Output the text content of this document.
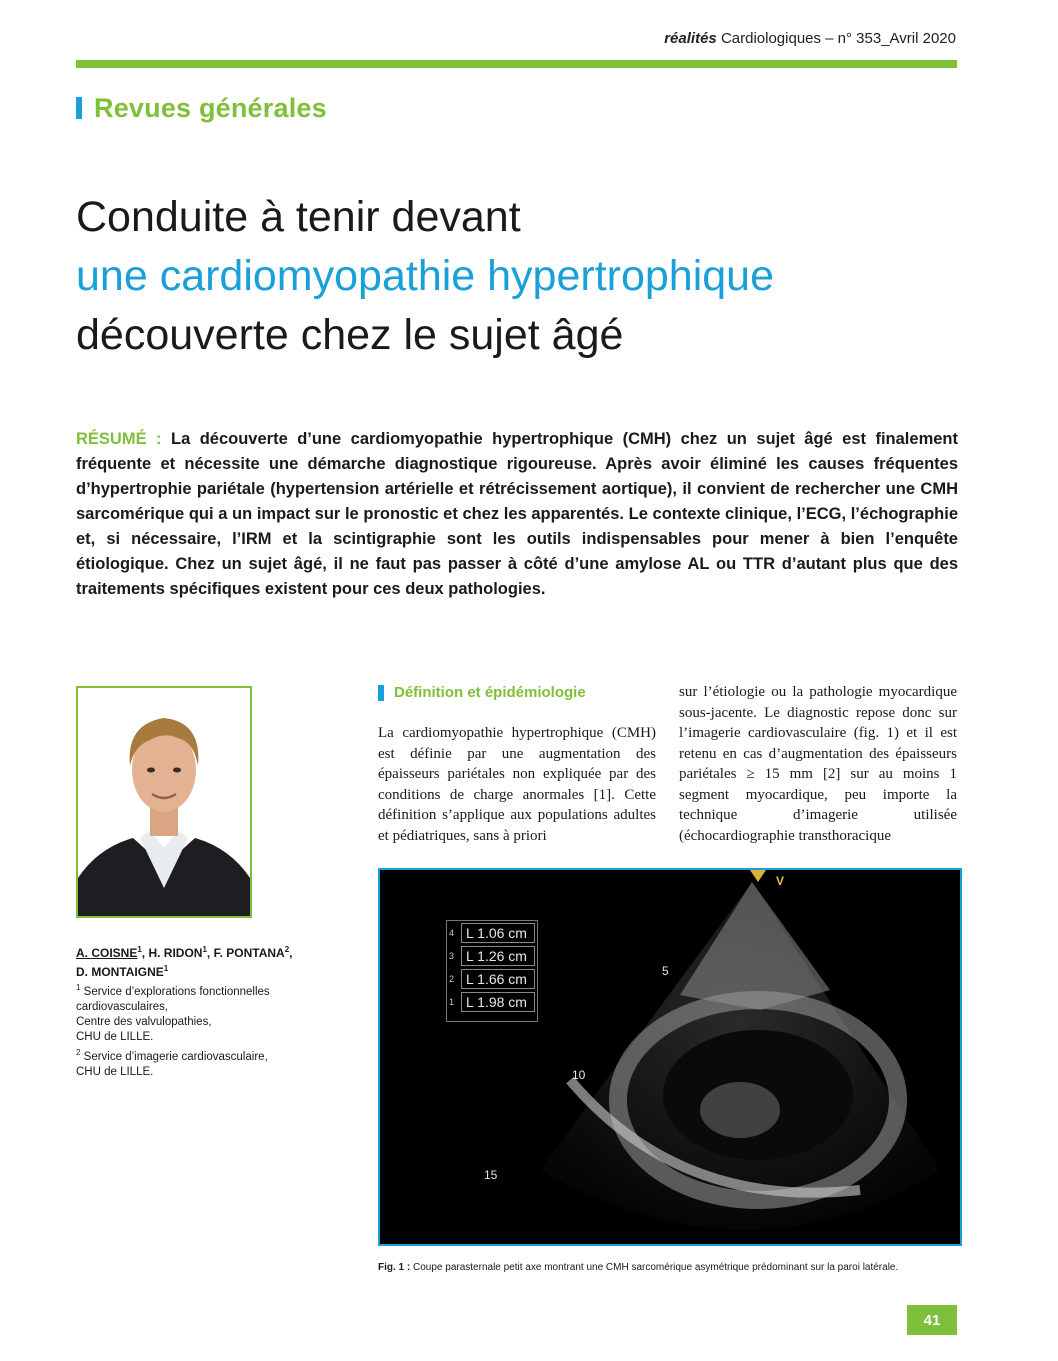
réalités Cardiologiques – n° 353_Avril 2020
Revues générales
Conduite à tenir devant
une cardiomyopathie hypertrophique
découverte chez le sujet âgé
RÉSUMÉ : La découverte d’une cardiomyopathie hypertrophique (CMH) chez un sujet âgé est finalement fréquente et nécessite une démarche diagnostique rigoureuse. Après avoir éliminé les causes fréquentes d’hypertrophie pariétale (hypertension artérielle et rétrécissement aortique), il convient de rechercher une CMH sarcomérique qui a un impact sur le pronostic et chez les apparentés. Le contexte clinique, l’ECG, l’échographie et, si nécessaire, l’IRM et la scintigraphie sont les outils indispensables pour mener à bien l’enquête étiologique. Chez un sujet âgé, il ne faut pas passer à côté d’une amylose AL ou TTR d’autant plus que des traitements spécifiques existent pour ces deux pathologies.
A. COISNE$^1$, H. RIDON$^1$, F. PONTANA$^2$,
D. MONTAIGNE$^1$
$^1$ Service d’explorations fonctionnelles
cardiovasculaires,
Centre des valvulopathies,
CHU de LILLE.
$^2$ Service d’imagerie cardiovasculaire,
CHU de LILLE.
Définition et épidémiologie

La cardiomyopathie hypertrophique (CMH) est définie par une augmentation des épaisseurs pariétales non expliquée par des conditions de charge anormales [1]. Cette définition s’applique aux populations adultes et pédiatriques, sans à priori

sur l’étiologie ou la pathologie myocardique sous-jacente. Le diagnostic repose donc sur l’imagerie cardiovasculaire (fig. 1) et il est retenu en cas d’augmentation des épaisseurs pariétales ≥ 15 mm [2] sur au moins 1 segment myocardique, peu importe la technique d’imagerie utilisée (échocardiographie transthoracique

V
5
10
15
4 L 1.06 cm
3 L 1.26 cm
2 L 1.66 cm
1 L 1.98 cm
Fig. 1 : Coupe parasternale petit axe montrant une CMH sarcomérique asymétrique prédominant sur la paroi latérale.
41
